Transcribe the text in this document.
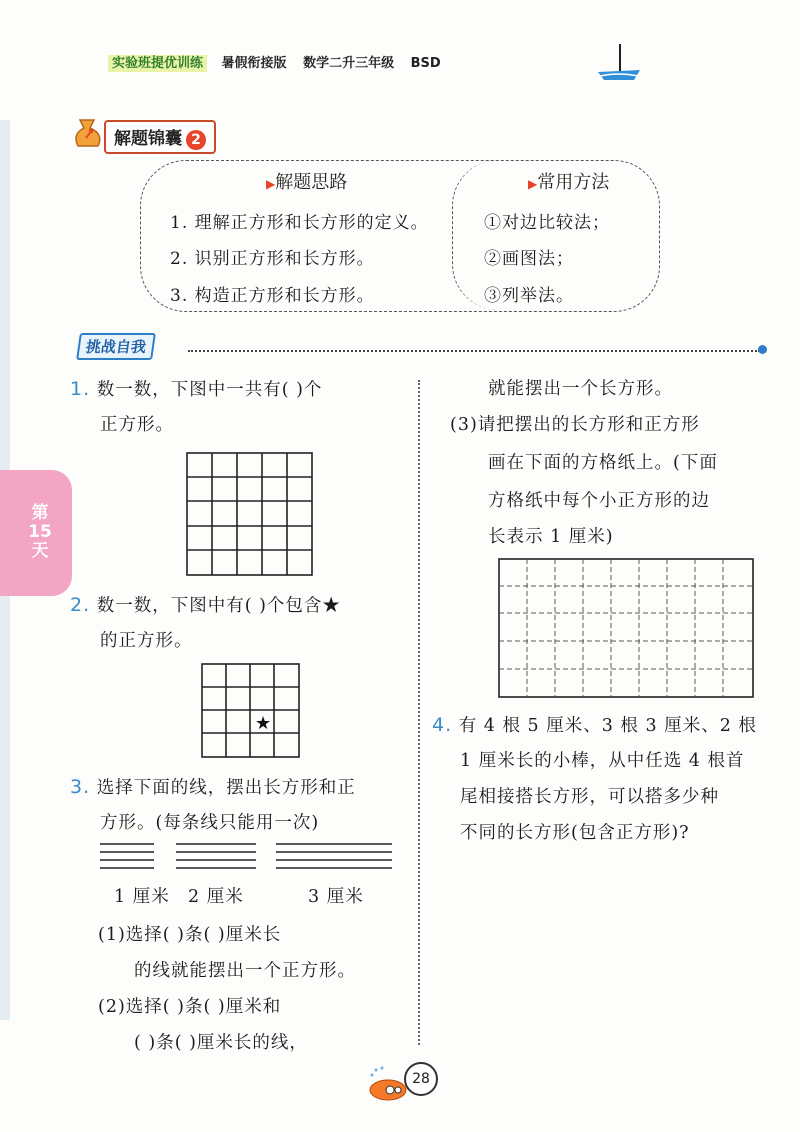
实验班提优训练 暑假衔接版 数学二升三年级 BSD
第
15
天
解题锦囊 2
▶解题思路
1. 理解正方形和长方形的定义。
2. 识别正方形和长方形。
3. 构造正方形和长方形。
▶常用方法
①对边比较法；
②画图法；
③列举法。
挑战自我
1. 数一数，下图中一共有( )个
正方形。
2. 数一数，下图中有( )个包含★
的正方形。
★
3. 选择下面的线，摆出长方形和正
方形。(每条线只能用一次)
1 厘米 2 厘米	3 厘米
(1)选择( )条( )厘米长
的线就能摆出一个正方形。
(2)选择( )条( )厘米和
( )条( )厘米长的线，
就能摆出一个长方形。
(3)请把摆出的长方形和正方形
画在下面的方格纸上。(下面
方格纸中每个小正方形的边
长表示 1 厘米)
4. 有 4 根 5 厘米、3 根 3 厘米、2 根
1 厘米长的小棒，从中任选 4 根首
尾相接搭长方形，可以搭多少种
不同的长方形(包含正方形)?
28
